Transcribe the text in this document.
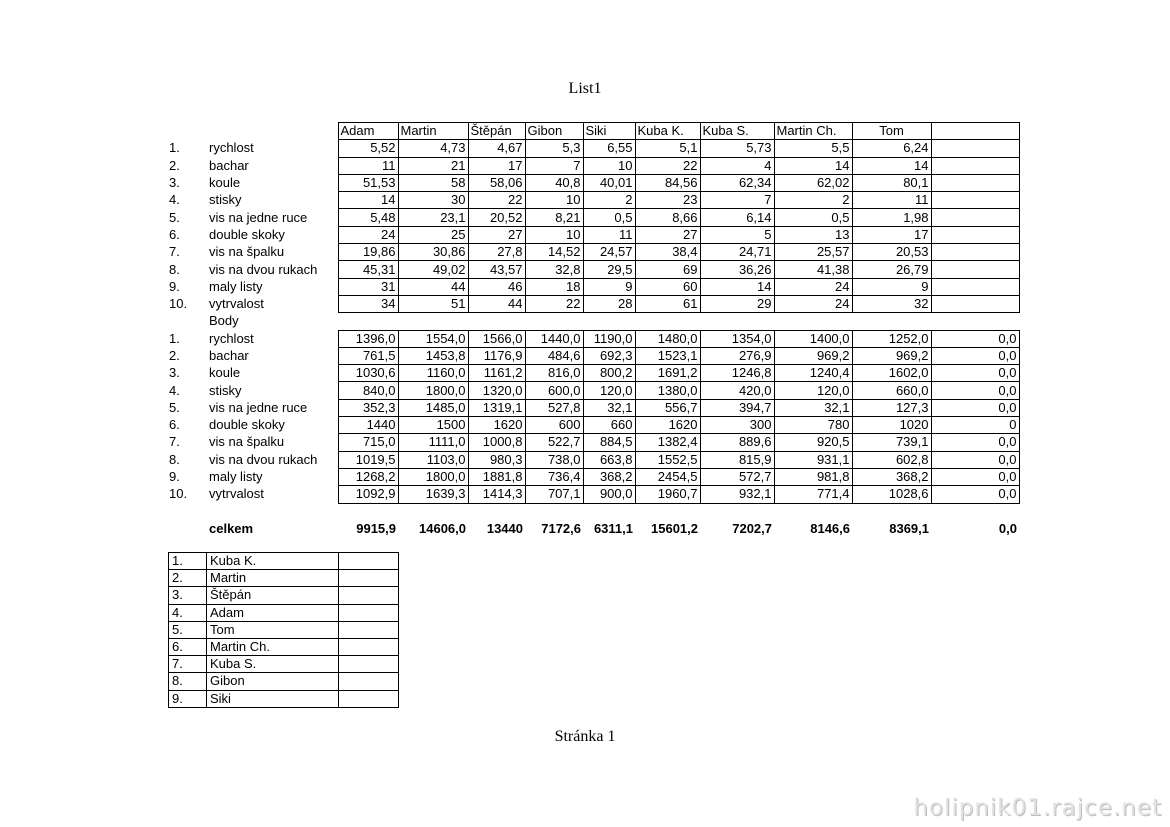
List1
		Adam	Martin	Štěpán	Gibon	Siki	Kuba K.	Kuba S.	Martin Ch.	Tom	
1.	rychlost	5,52	4,73	4,67	5,3	6,55	5,1	5,73	5,5	6,24	
2.	bachar	11	21	17	7	10	22	4	14	14	
3.	koule	51,53	58	58,06	40,8	40,01	84,56	62,34	62,02	80,1	
4.	stisky	14	30	22	10	2	23	7	2	11	
5.	vis na jedne ruce	5,48	23,1	20,52	8,21	0,5	8,66	6,14	0,5	1,98	
6.	double skoky	24	25	27	10	11	27	5	13	17	
7.	vis na špalku	19,86	30,86	27,8	14,52	24,57	38,4	24,71	25,57	20,53	
8.	vis na dvou rukach	45,31	49,02	43,57	32,8	29,5	69	36,26	41,38	26,79	
9.	maly listy	31	44	46	18	9	60	14	24	9	
10.	vytrvalost	34	51	44	22	28	61	29	24	32	
	Body										
1.	rychlost	1396,0	1554,0	1566,0	1440,0	1190,0	1480,0	1354,0	1400,0	1252,0	0,0
2.	bachar	761,5	1453,8	1176,9	484,6	692,3	1523,1	276,9	969,2	969,2	0,0
3.	koule	1030,6	1160,0	1161,2	816,0	800,2	1691,2	1246,8	1240,4	1602,0	0,0
4.	stisky	840,0	1800,0	1320,0	600,0	120,0	1380,0	420,0	120,0	660,0	0,0
5.	vis na jedne ruce	352,3	1485,0	1319,1	527,8	32,1	556,7	394,7	32,1	127,3	0,0
6.	double skoky	1440	1500	1620	600	660	1620	300	780	1020	0
7.	vis na špalku	715,0	1111,0	1000,8	522,7	884,5	1382,4	889,6	920,5	739,1	0,0
8.	vis na dvou rukach	1019,5	1103,0	980,3	738,0	663,8	1552,5	815,9	931,1	602,8	0,0
9.	maly listy	1268,2	1800,0	1881,8	736,4	368,2	2454,5	572,7	981,8	368,2	0,0
10.	vytrvalost	1092,9	1639,3	1414,3	707,1	900,0	1960,7	932,1	771,4	1028,6	0,0

	celkem	9915,9	14606,0	13440	7172,6	6311,1	15601,2	7202,7	8146,6	8369,1	0,0
1.	Kuba K.	
2.	Martin	
3.	Štěpán	
4.	Adam	
5.	Tom	
6.	Martin Ch.	
7.	Kuba S.	
8.	Gibon	
9.	Siki	
Stránka 1
holipnik01.rajce.net
